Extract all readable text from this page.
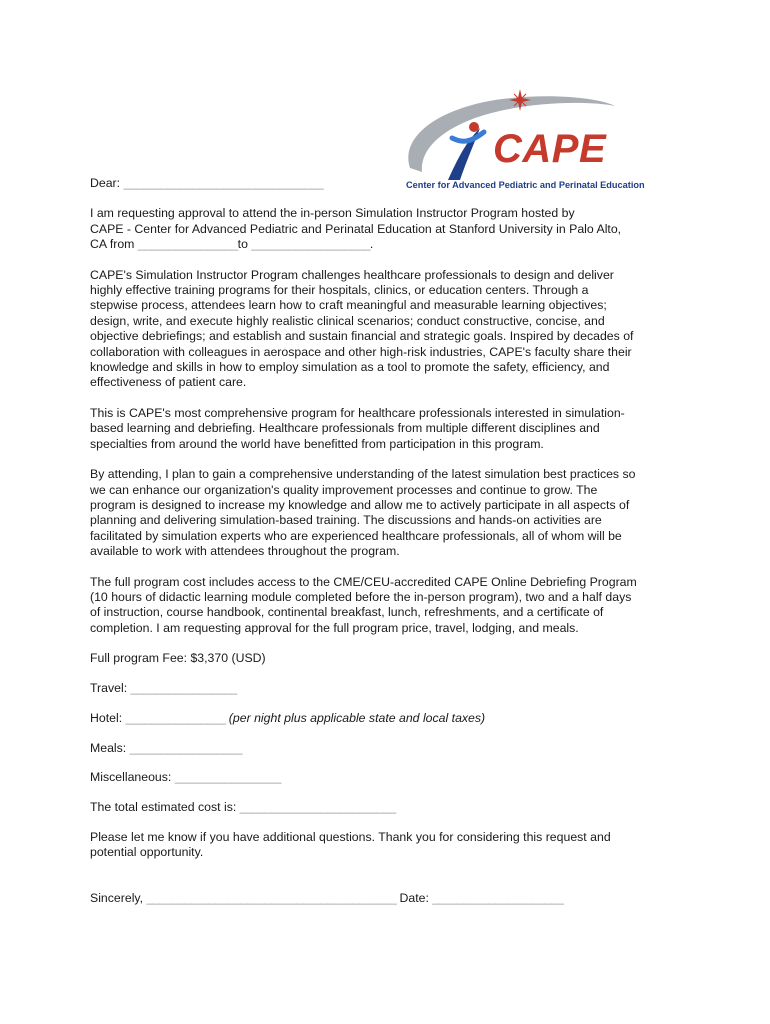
CAPE
Center for Advanced Pediatric and Perinatal Education

Dear: ________________________________

I am requesting approval to attend the in-person Simulation Instructor Program hosted by

CAPE - Center for Advanced Pediatric and Perinatal Education at Stanford University in Palo Alto,

CA from ________________to ___________________.

CAPE's Simulation Instructor Program challenges healthcare professionals to design and deliver

highly effective training programs for their hospitals, clinics, or education centers. Through a

stepwise process, attendees learn how to craft meaningful and measurable learning objectives;

design, write, and execute highly realistic clinical scenarios; conduct constructive, concise, and

objective debriefings; and establish and sustain financial and strategic goals. Inspired by decades of

collaboration with colleagues in aerospace and other high-risk industries, CAPE's faculty share their

knowledge and skills in how to employ simulation as a tool to promote the safety, efficiency, and

effectiveness of patient care.

This is CAPE's most comprehensive program for healthcare professionals interested in simulation-

based learning and debriefing. Healthcare professionals from multiple different disciplines and

specialties from around the world have benefitted from participation in this program.

By attending, I plan to gain a comprehensive understanding of the latest simulation best practices so

we can enhance our organization's quality improvement processes and continue to grow. The

program is designed to increase my knowledge and allow me to actively participate in all aspects of

planning and delivering simulation-based training. The discussions and hands-on activities are

facilitated by simulation experts who are experienced healthcare professionals, all of whom will be

available to work with attendees throughout the program.

The full program cost includes access to the CME/CEU-accredited CAPE Online Debriefing Program

(10 hours of didactic learning module completed before the in-person program), two and a half days

of instruction, course handbook, continental breakfast, lunch, refreshments, and a certificate of

completion. I am requesting approval for the full program price, travel, lodging, and meals.

Full program Fee: $3,370 (USD)

Travel: _________________

Hotel: ________________ (per night plus applicable state and local taxes)

Meals: __________________

Miscellaneous: _________________

The total estimated cost is: _________________________

Please let me know if you have additional questions. Thank you for considering this request and

potential opportunity.

Sincerely, ________________________________________ Date: _____________________
